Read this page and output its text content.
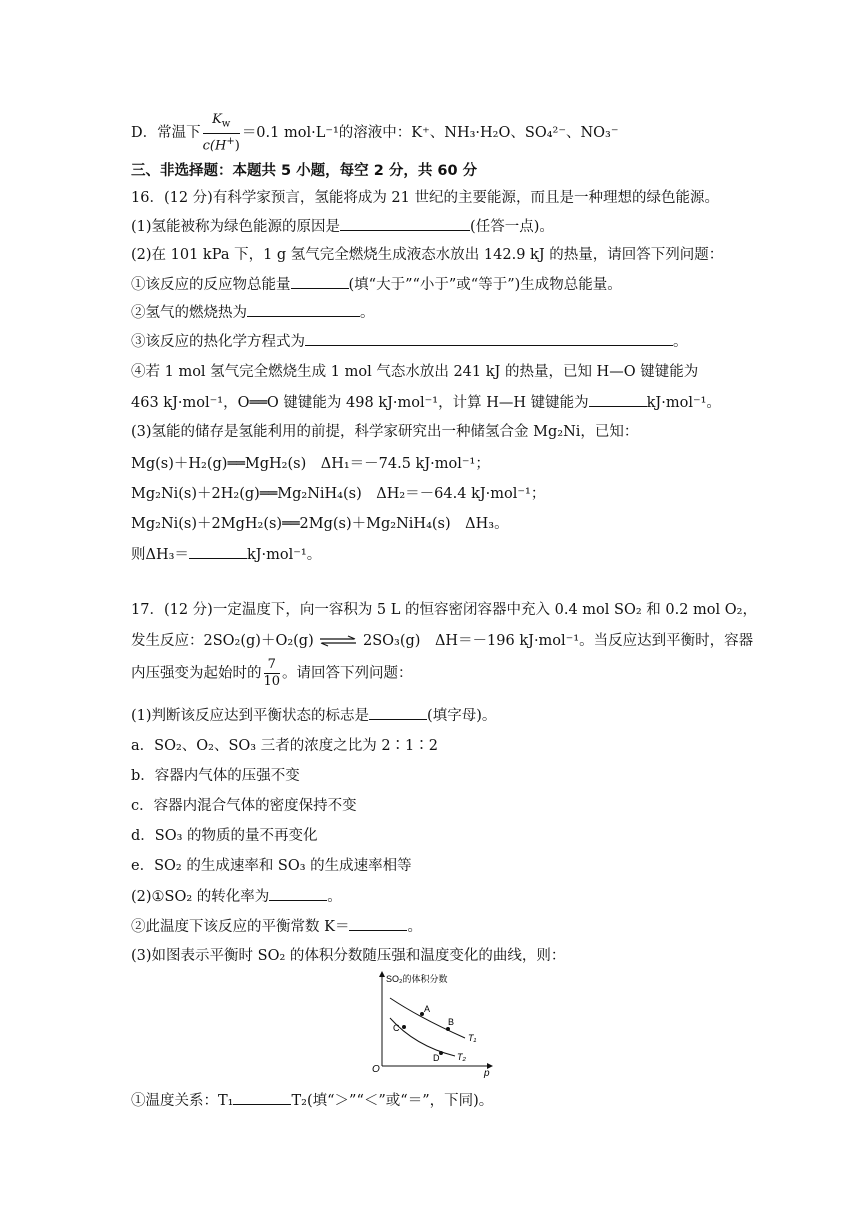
D．常温下 $\frac{K_w}{c(H^+)} =0.1$ mol·L⁻¹的溶液中：K⁺、NH₃·H₂O、SO₄²⁻、NO₃⁻
三、非选择题：本题共 5 小题，每空 2 分，共 60 分
16．(12 分)有科学家预言，氢能将成为 21 世纪的主要能源，而且是一种理想的绿色能源。
(1)氢能被称为绿色能源的原因是	(任答一点)。
(2)在 101 kPa 下，1 g 氢气完全燃烧生成液态水放出 142.9 kJ 的热量，请回答下列问题：
①该反应的反应物总能量	(填“大于”“小于”或“等于”)生成物总能量。
②氢气的燃烧热为	。
③该反应的热化学方程式为	。
④若 1 mol 氢气完全燃烧生成 1 mol 气态水放出 241 kJ 的热量，已知 H—O 键键能为
463 kJ·mol⁻¹，O══O 键键能为 498 kJ·mol⁻¹，计算 H—H 键键能为	kJ·mol⁻¹。
(3)氢能的储存是氢能利用的前提，科学家研究出一种储氢合金 Mg₂Ni，已知：
Mg(s)＋H₂(g)══MgH₂(s)　ΔH₁＝－74.5 kJ·mol⁻¹；
Mg₂Ni(s)＋2H₂(g)══Mg₂NiH₄(s)　ΔH₂＝－64.4 kJ·mol⁻¹；
Mg₂Ni(s)＋2MgH₂(s)══2Mg(s)＋Mg₂NiH₄(s)　ΔH₃。
则ΔH₃＝	kJ·mol⁻¹。
17．(12 分)一定温度下，向一容积为 5 L 的恒容密闭容器中充入 0.4 mol SO₂ 和 0.2 mol O₂，
发生反应：2SO₂(g)＋O₂(g) ⇌ 2SO₃(g)　ΔH＝－196 kJ·mol⁻¹。当反应达到平衡时，容器
内压强变为起始时的 $\frac{7}{10}$ 。请回答下列问题：
(1)判断该反应达到平衡状态的标志是	(填字母)。
a．SO₂、O₂、SO₃ 三者的浓度之比为 2∶1∶2
b．容器内气体的压强不变
c．容器内混合气体的密度保持不变
d．SO₃ 的物质的量不再变化
e．SO₂ 的生成速率和 SO₃ 的生成速率相等
(2)①SO₂ 的转化率为	。
②此温度下该反应的平衡常数 K＝	。
(3)如图表示平衡时 SO₂ 的体积分数随压强和温度变化的曲线，则：
SO₂的体积分数
p
O
T₁
T₂
A
B
C
D
①温度关系：T₁	T₂(填“＞”“＜”或“＝”，下同)。
